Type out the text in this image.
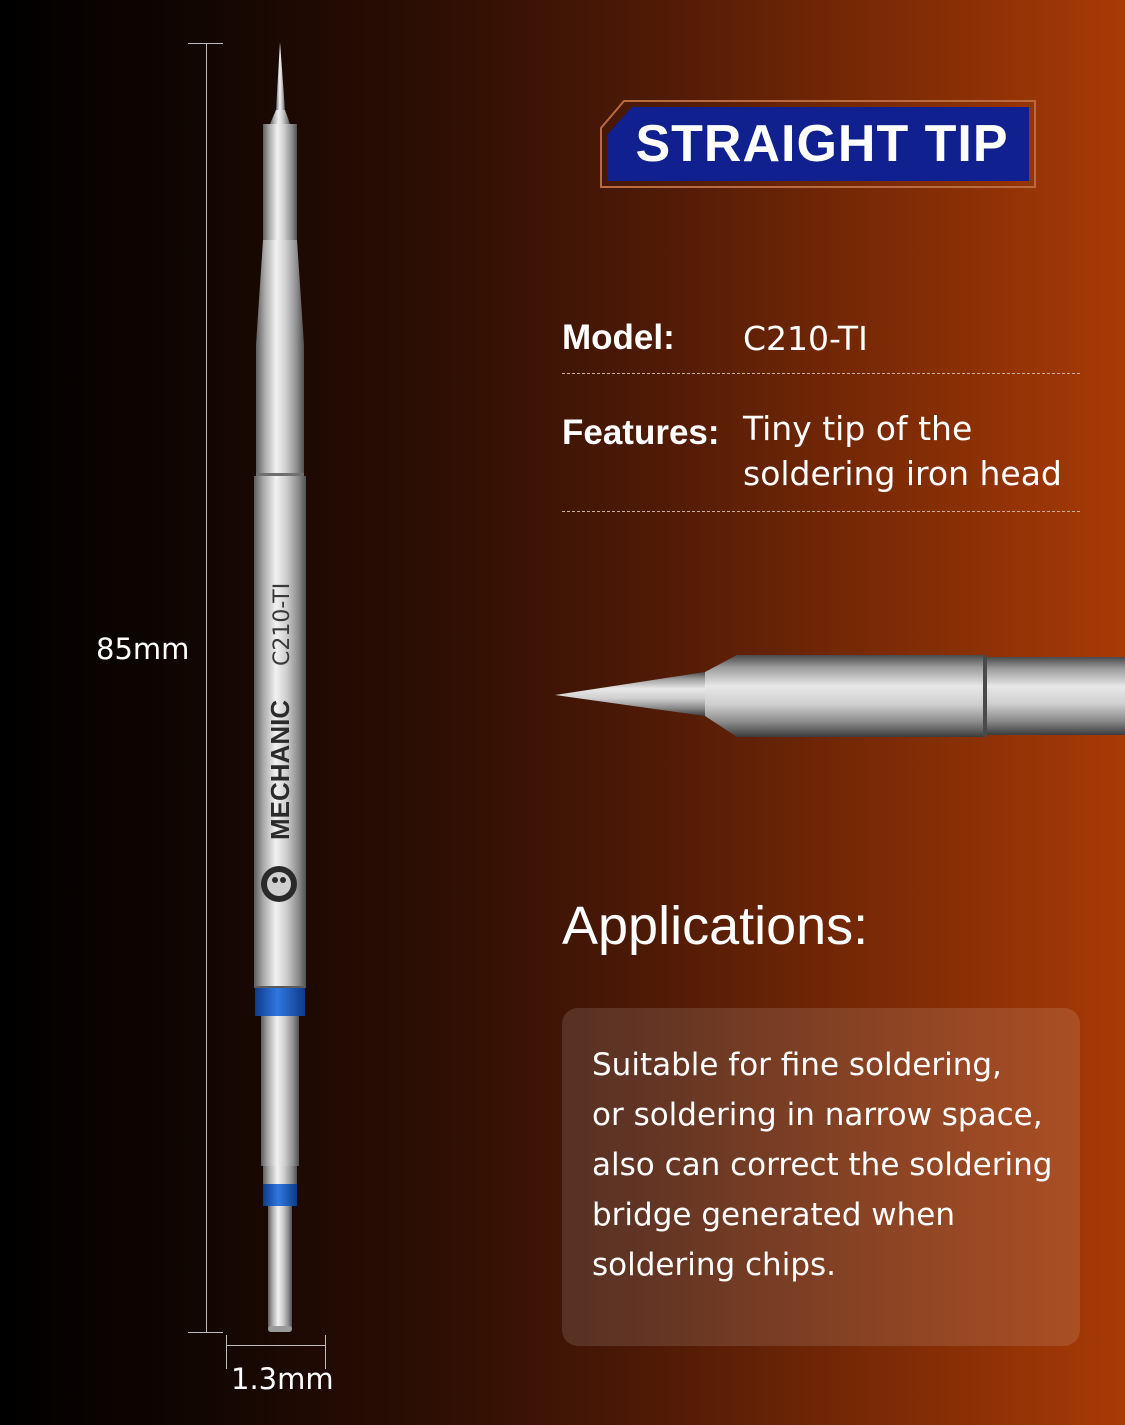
85mm
1.3mm
MECHANIC
C210-TI
STRAIGHT TIP
Model: C210-TI
Features: Tiny tip of the
soldering iron head
Applications:
Suitable for fine soldering,
or soldering in narrow space,
also can correct the soldering
bridge generated when
soldering chips.
